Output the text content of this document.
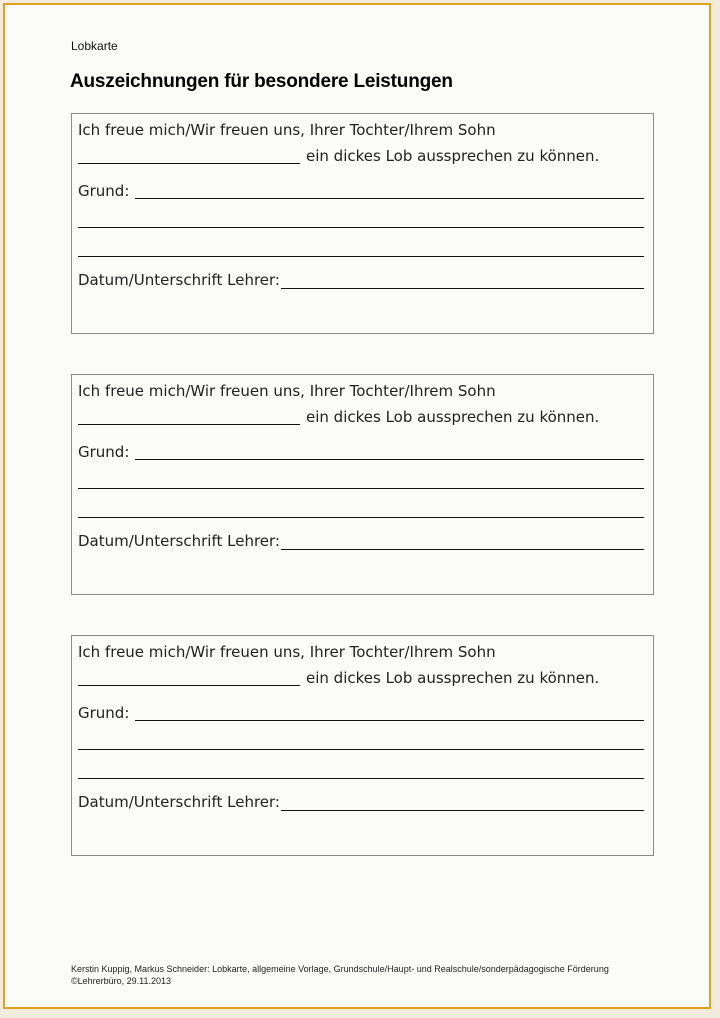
Lobkarte
Auszeichnungen für besondere Leistungen
Ich freue mich/Wir freuen uns, Ihrer Tochter/Ihrem Sohn
ein dickes Lob aussprechen zu können.
Grund:
Datum/Unterschrift Lehrer:
Ich freue mich/Wir freuen uns, Ihrer Tochter/Ihrem Sohn
ein dickes Lob aussprechen zu können.
Grund:
Datum/Unterschrift Lehrer:
Ich freue mich/Wir freuen uns, Ihrer Tochter/Ihrem Sohn
ein dickes Lob aussprechen zu können.
Grund:
Datum/Unterschrift Lehrer:
Kerstin Kuppig, Markus Schneider: Lobkarte, allgemeine Vorlage, Grundschule/Haupt- und Realschule/sonderpädagogische Förderung
©Lehrerbüro, 29.11.2013
